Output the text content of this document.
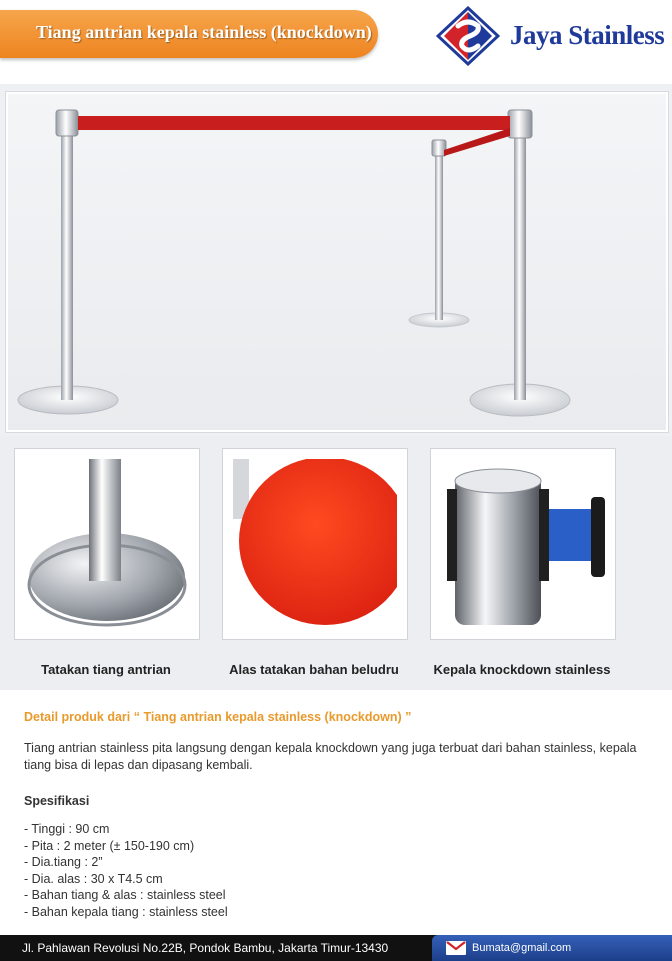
Tiang antrian kepala stainless (knockdown)	Jaya Stainless
Tatakan tiang antrian	Alas tatakan bahan beludru	Kepala knockdown stainless
Detail produk dari “ Tiang antrian kepala stainless (knockdown) ”
Tiang antrian stainless pita langsung dengan kepala knockdown yang juga terbuat dari bahan stainless, kepala tiang bisa di lepas dan dipasang kembali.
Spesifikasi
- Tinggi : 90 cm
- Pita : 2 meter (± 150-190 cm)
- Dia.tiang : 2”
- Dia. alas : 30 x T4.5 cm
- Bahan tiang & alas : stainless steel
- Bahan kepala tiang : stainless steel
Jl. Pahlawan Revolusi No.22B, Pondok Bambu, Jakarta Timur-13430	Bumata@gmail.com
